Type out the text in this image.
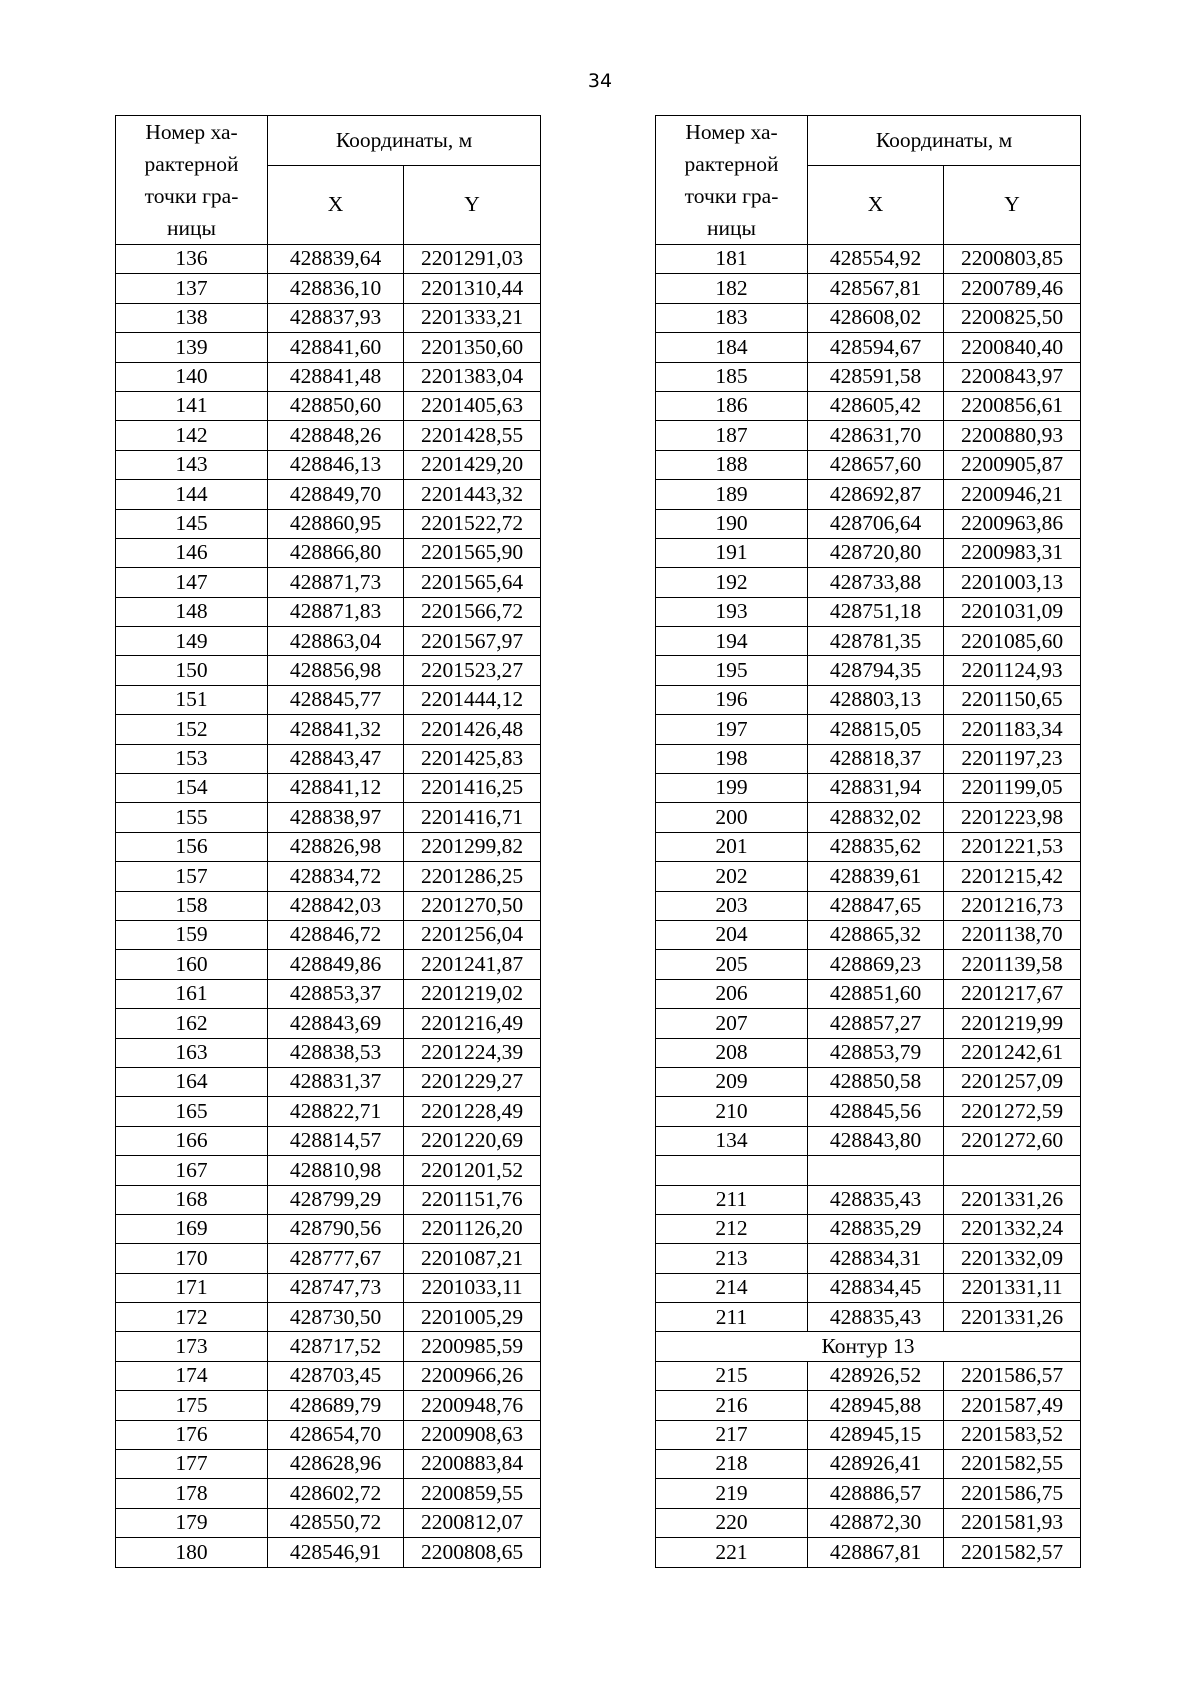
34
Номер ха-
рактерной
точки гра-
ницы	Координаты, м	
	X	Y
136	428839,64	2201291,03
137	428836,10	2201310,44
138	428837,93	2201333,21
139	428841,60	2201350,60
140	428841,48	2201383,04
141	428850,60	2201405,63
142	428848,26	2201428,55
143	428846,13	2201429,20
144	428849,70	2201443,32
145	428860,95	2201522,72
146	428866,80	2201565,90
147	428871,73	2201565,64
148	428871,83	2201566,72
149	428863,04	2201567,97
150	428856,98	2201523,27
151	428845,77	2201444,12
152	428841,32	2201426,48
153	428843,47	2201425,83
154	428841,12	2201416,25
155	428838,97	2201416,71
156	428826,98	2201299,82
157	428834,72	2201286,25
158	428842,03	2201270,50
159	428846,72	2201256,04
160	428849,86	2201241,87
161	428853,37	2201219,02
162	428843,69	2201216,49
163	428838,53	2201224,39
164	428831,37	2201229,27
165	428822,71	2201228,49
166	428814,57	2201220,69
167	428810,98	2201201,52
168	428799,29	2201151,76
169	428790,56	2201126,20
170	428777,67	2201087,21
171	428747,73	2201033,11
172	428730,50	2201005,29
173	428717,52	2200985,59
174	428703,45	2200966,26
175	428689,79	2200948,76
176	428654,70	2200908,63
177	428628,96	2200883,84
178	428602,72	2200859,55
179	428550,72	2200812,07
180	428546,91	2200808,65
Номер ха-
рактерной
точки гра-
ницы	Координаты, м	
	X	Y
181	428554,92	2200803,85
182	428567,81	2200789,46
183	428608,02	2200825,50
184	428594,67	2200840,40
185	428591,58	2200843,97
186	428605,42	2200856,61
187	428631,70	2200880,93
188	428657,60	2200905,87
189	428692,87	2200946,21
190	428706,64	2200963,86
191	428720,80	2200983,31
192	428733,88	2201003,13
193	428751,18	2201031,09
194	428781,35	2201085,60
195	428794,35	2201124,93
196	428803,13	2201150,65
197	428815,05	2201183,34
198	428818,37	2201197,23
199	428831,94	2201199,05
200	428832,02	2201223,98
201	428835,62	2201221,53
202	428839,61	2201215,42
203	428847,65	2201216,73
204	428865,32	2201138,70
205	428869,23	2201139,58
206	428851,60	2201217,67
207	428857,27	2201219,99
208	428853,79	2201242,61
209	428850,58	2201257,09
210	428845,56	2201272,59
134	428843,80	2201272,60

211	428835,43	2201331,26
212	428835,29	2201332,24
213	428834,31	2201332,09
214	428834,45	2201331,11
211	428835,43	2201331,26
Контур 13		
215	428926,52	2201586,57
216	428945,88	2201587,49
217	428945,15	2201583,52
218	428926,41	2201582,55
219	428886,57	2201586,75
220	428872,30	2201581,93
221	428867,81	2201582,57
